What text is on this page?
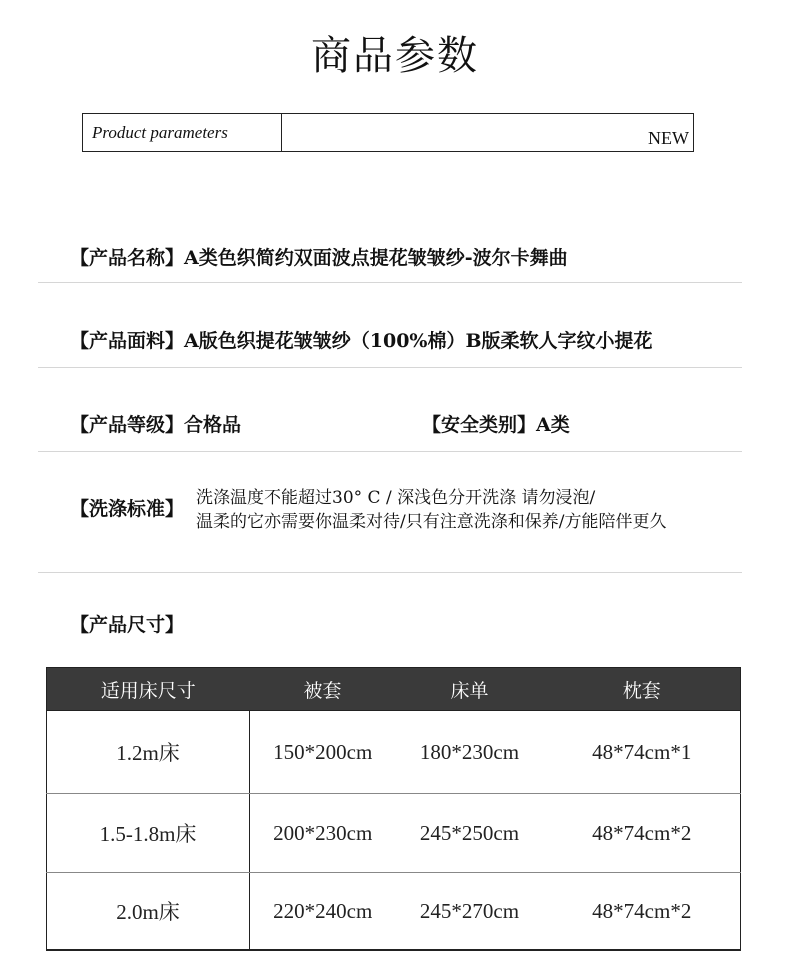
商品参数
Product parameters	NEW
【产品名称】A类色织简约双面波点提花皱皱纱-波尔卡舞曲
【产品面料】A版色织提花皱皱纱（100%棉）B版柔软人字纹小提花
【产品等级】合格品	【安全类别】A类
【洗涤标准】 洗涤温度不能超过30° C / 深浅色分开洗涤 请勿浸泡/
温柔的它亦需要你温柔对待/只有注意洗涤和保养/方能陪伴更久
【产品尺寸】
适用床尺寸	被套	床单	枕套
1.2m床	150*200cm	180*230cm	48*74cm*1
1.5-1.8m床	200*230cm	245*250cm	48*74cm*2
2.0m床	220*240cm	245*270cm	48*74cm*2
